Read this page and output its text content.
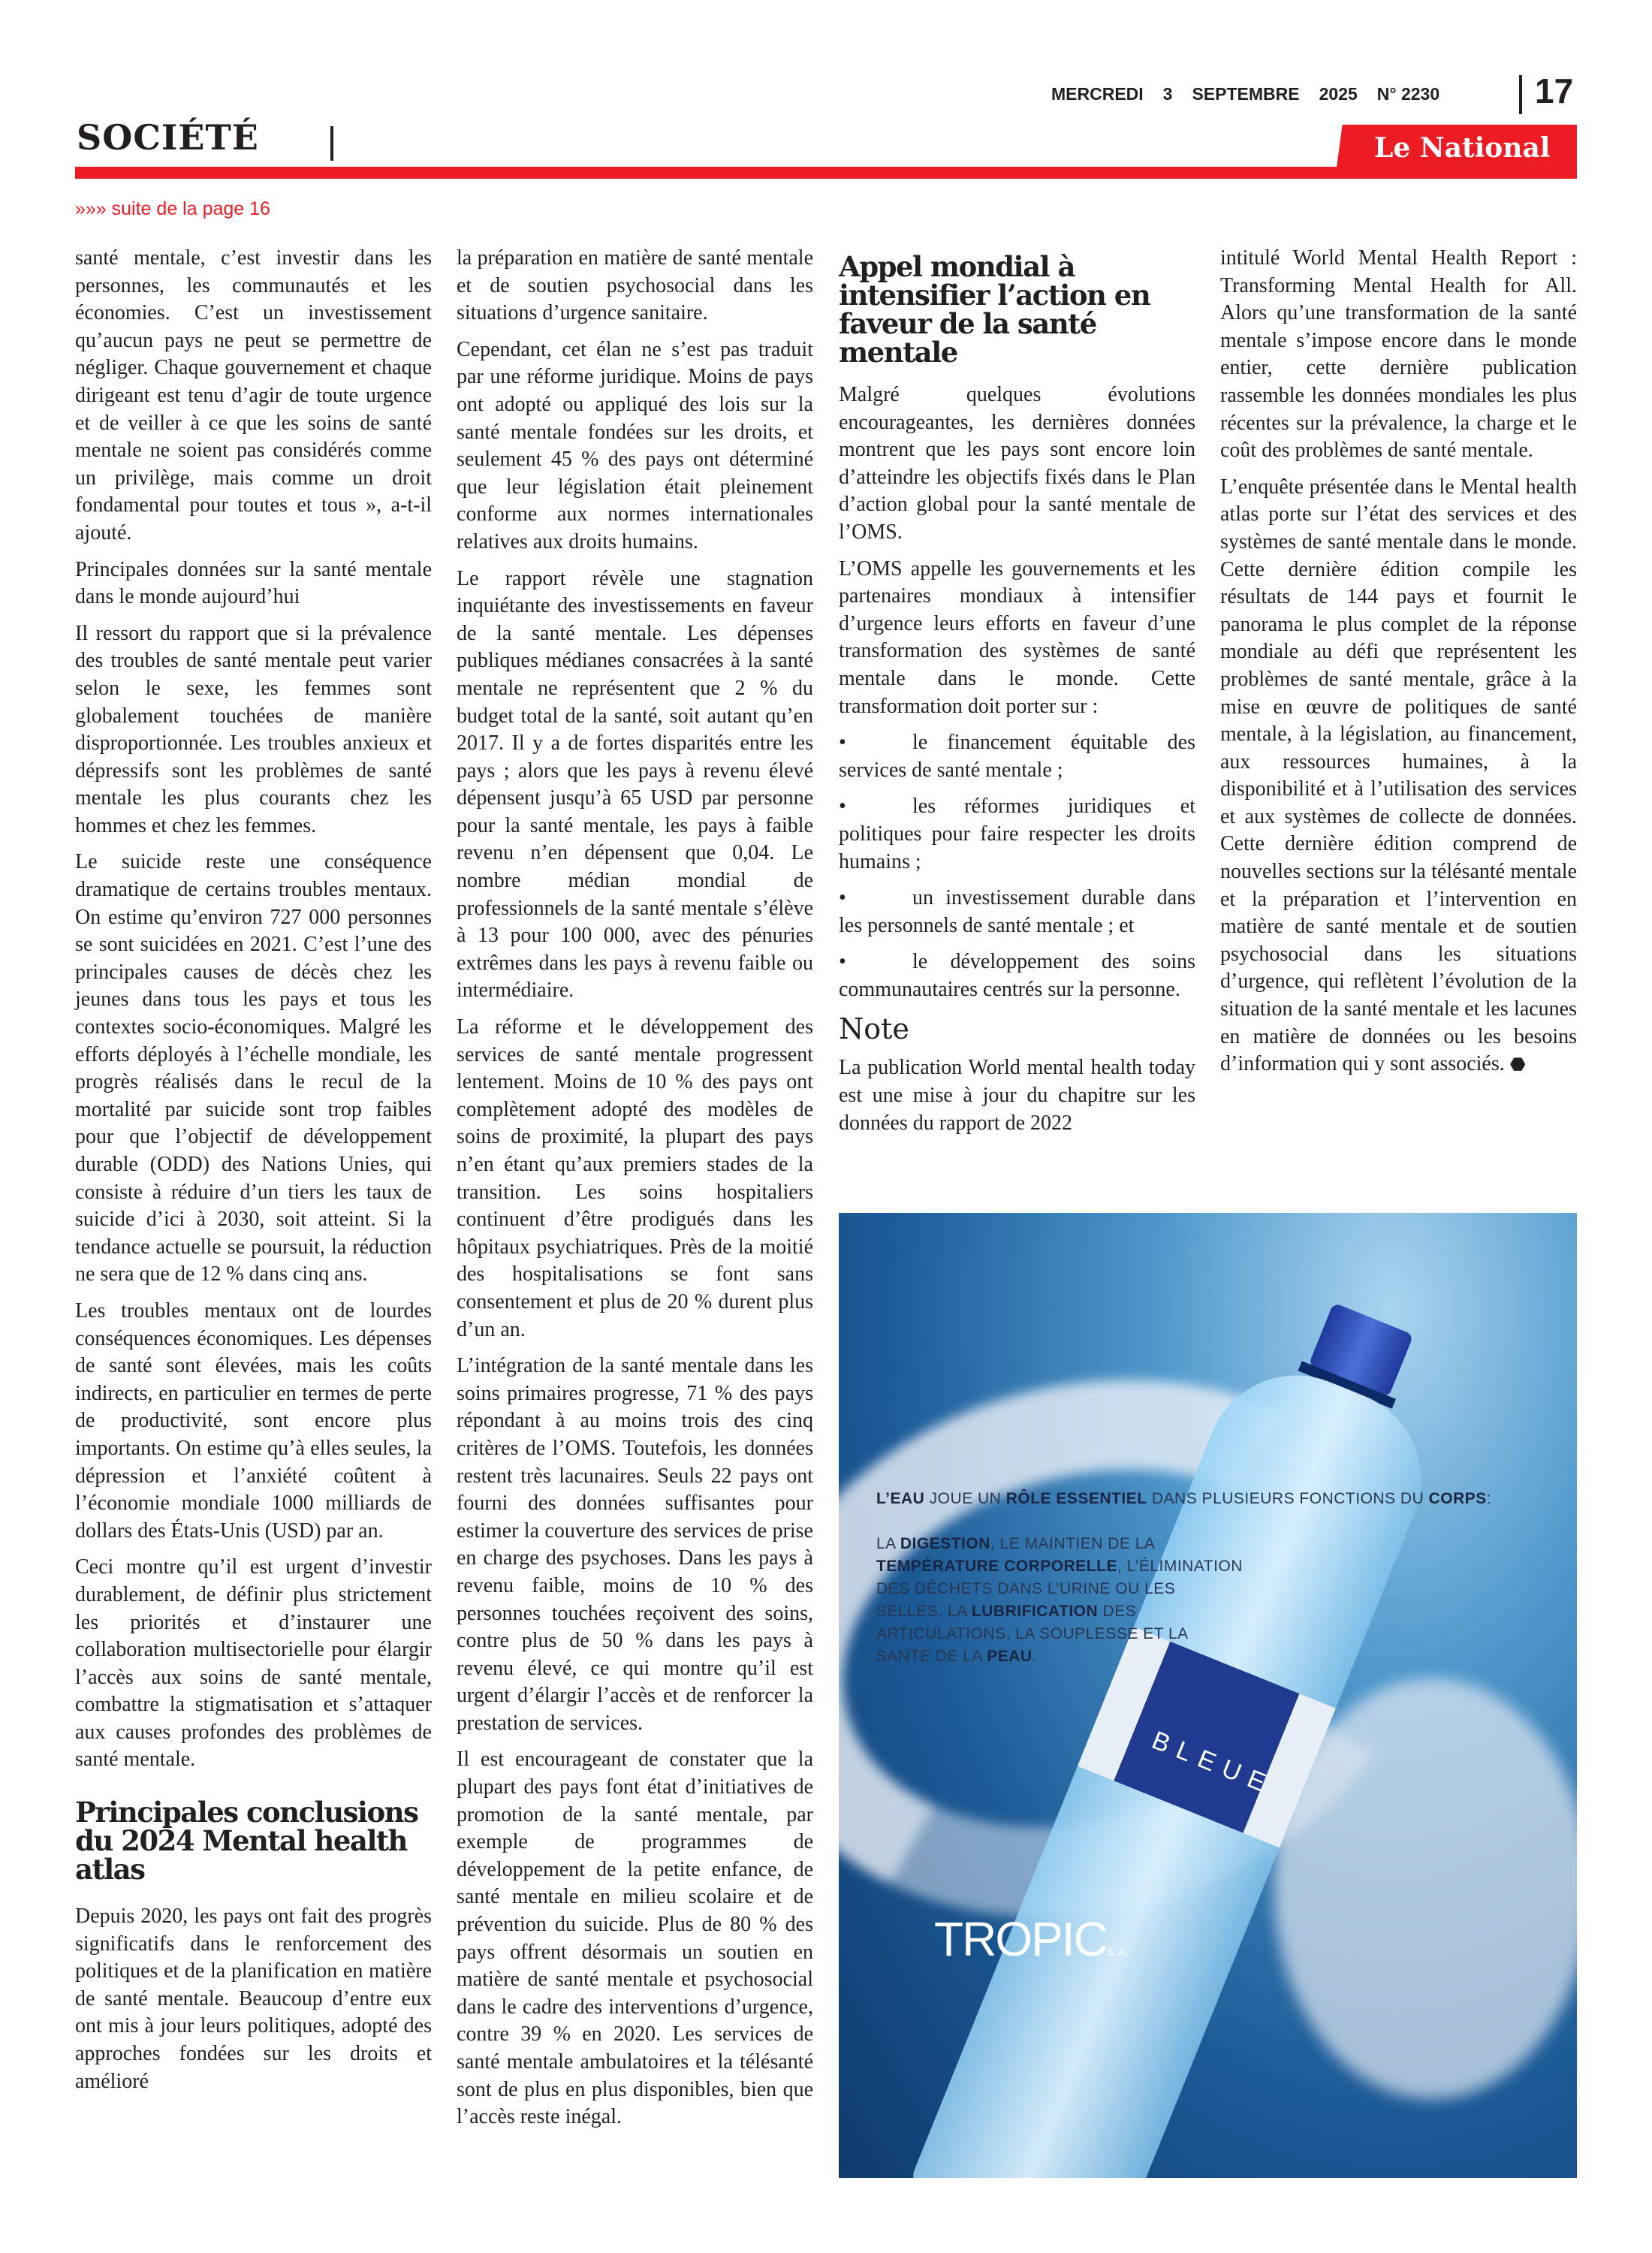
MERCREDI 3 SEPTEMBRE 2025 N° 2230	17
SOCIÉTÉ	Le National
»»» suite de la page 16

santé mentale, c’est investir dans les personnes, les communautés et les économies. C’est un investissement qu’aucun pays ne peut se permettre de négliger. Chaque gouvernement et chaque dirigeant est tenu d’agir de toute urgence et de veiller à ce que les soins de santé mentale ne soient pas considérés comme un privilège, mais comme un droit fondamental pour toutes et tous », a-t-il ajouté.

Principales données sur la santé mentale dans le monde aujourd’hui

Il ressort du rapport que si la prévalence des troubles de santé mentale peut varier selon le sexe, les femmes sont globalement touchées de manière disproportionnée. Les troubles anxieux et dépressifs sont les problèmes de santé mentale les plus courants chez les hommes et chez les femmes.

Le suicide reste une conséquence dramatique de certains troubles mentaux. On estime qu’environ 727 000 personnes se sont suicidées en 2021. C’est l’une des principales causes de décès chez les jeunes dans tous les pays et tous les contextes socio-économiques. Malgré les efforts déployés à l’échelle mondiale, les progrès réalisés dans le recul de la mortalité par suicide sont trop faibles pour que l’objectif de développement durable (ODD) des Nations Unies, qui consiste à réduire d’un tiers les taux de suicide d’ici à 2030, soit atteint. Si la tendance actuelle se poursuit, la réduction ne sera que de 12 % dans cinq ans.

Les troubles mentaux ont de lourdes conséquences économiques. Les dépenses de santé sont élevées, mais les coûts indirects, en particulier en termes de perte de productivité, sont encore plus importants. On estime qu’à elles seules, la dépression et l’anxiété coûtent à l’économie mondiale 1000 milliards de dollars des États-Unis (USD) par an.

Ceci montre qu’il est urgent d’investir durablement, de définir plus strictement les priorités et d’instaurer une collaboration multisectorielle pour élargir l’accès aux soins de santé mentale, combattre la stigmatisation et s’attaquer aux causes profondes des problèmes de santé mentale.

Principales conclusions du 2024 Mental health atlas

Depuis 2020, les pays ont fait des progrès significatifs dans le renforcement des politiques et de la planification en matière de santé mentale. Beaucoup d’entre eux ont mis à jour leurs politiques, adopté des approches fondées sur les droits et amélioré

la préparation en matière de santé mentale et de soutien psychosocial dans les situations d’urgence sanitaire.

Cependant, cet élan ne s’est pas traduit par une réforme juridique. Moins de pays ont adopté ou appliqué des lois sur la santé mentale fondées sur les droits, et seulement 45 % des pays ont déterminé que leur législation était pleinement conforme aux normes internationales relatives aux droits humains.

Le rapport révèle une stagnation inquiétante des investissements en faveur de la santé mentale. Les dépenses publiques médianes consacrées à la santé mentale ne représentent que 2 % du budget total de la santé, soit autant qu’en 2017. Il y a de fortes disparités entre les pays ; alors que les pays à revenu élevé dépensent jusqu’à 65 USD par personne pour la santé mentale, les pays à faible revenu n’en dépensent que 0,04. Le nombre médian mondial de professionnels de la santé mentale s’élève à 13 pour 100 000, avec des pénuries extrêmes dans les pays à revenu faible ou intermédiaire.

La réforme et le développement des services de santé mentale progressent lentement. Moins de 10 % des pays ont complètement adopté des modèles de soins de proximité, la plupart des pays n’en étant qu’aux premiers stades de la transition. Les soins hospitaliers continuent d’être prodigués dans les hôpitaux psychiatriques. Près de la moitié des hospitalisations se font sans consentement et plus de 20 % durent plus d’un an.

L’intégration de la santé mentale dans les soins primaires progresse, 71 % des pays répondant à au moins trois des cinq critères de l’OMS. Toutefois, les données restent très lacunaires. Seuls 22 pays ont fourni des données suffisantes pour estimer la couverture des services de prise en charge des psychoses. Dans les pays à revenu faible, moins de 10 % des personnes touchées reçoivent des soins, contre plus de 50 % dans les pays à revenu élevé, ce qui montre qu’il est urgent d’élargir l’accès et de renforcer la prestation de services.

Il est encourageant de constater que la plupart des pays font état d’initiatives de promotion de la santé mentale, par exemple de programmes de développement de la petite enfance, de santé mentale en milieu scolaire et de prévention du suicide. Plus de 80 % des pays offrent désormais un soutien en matière de santé mentale et psychosocial dans le cadre des interventions d’urgence, contre 39 % en 2020. Les services de santé mentale ambulatoires et la télésanté sont de plus en plus disponibles, bien que l’accès reste inégal.

Appel mondial à intensifier l’action en faveur de la santé mentale

Malgré quelques évolutions encourageantes, les dernières données montrent que les pays sont encore loin d’atteindre les objectifs fixés dans le Plan d’action global pour la santé mentale de l’OMS.

L’OMS appelle les gouvernements et les partenaires mondiaux à intensifier d’urgence leurs efforts en faveur d’une transformation des systèmes de santé mentale dans le monde. Cette transformation doit porter sur :

•	le financement équitable des services de santé mentale ;

•	les réformes juridiques et politiques pour faire respecter les droits humains ;

•	un investissement durable dans les personnels de santé mentale ; et

•	le développement des soins communautaires centrés sur la personne.

Note

La publication World mental health today est une mise à jour du chapitre sur les données du rapport de 2022

intitulé World Mental Health Report : Transforming Mental Health for All. Alors qu’une transformation de la santé mentale s’impose encore dans le monde entier, cette dernière publication rassemble les données mondiales les plus récentes sur la prévalence, la charge et le coût des problèmes de santé mentale.

L’enquête présentée dans le Mental health atlas porte sur l’état des services et des systèmes de santé mentale dans le monde. Cette dernière édition compile les résultats de 144 pays et fournit le panorama le plus complet de la réponse mondiale au défi que représentent les problèmes de santé mentale, grâce à la mise en œuvre de politiques de santé mentale, à la législation, au financement, aux ressources humaines, à la disponibilité et à l’utilisation des services et aux systèmes de collecte de données. Cette dernière édition comprend de nouvelles sections sur la télésanté mentale et la préparation et l’intervention en matière de santé mentale et de soutien psychosocial dans les situations d’urgence, qui reflètent l’évolution de la situation de la santé mentale et les lacunes en matière de données ou les besoins d’information qui y sont associés. ⬣

BLEUE

L’EAU JOUE UN RÔLE ESSENTIEL DANS PLUSIEURS FONCTIONS DU CORPS:

LA DIGESTION, LE MAINTIEN DE LA TEMPÉRATURE CORPORELLE, L’ÉLIMINATION DES DÉCHETS DANS L’URINE OU LES SELLES, LA LUBRIFICATION DES ARTICULATIONS, LA SOUPLESSE ET LA SANTÉ DE LA PEAU.

TROPICS.A.
